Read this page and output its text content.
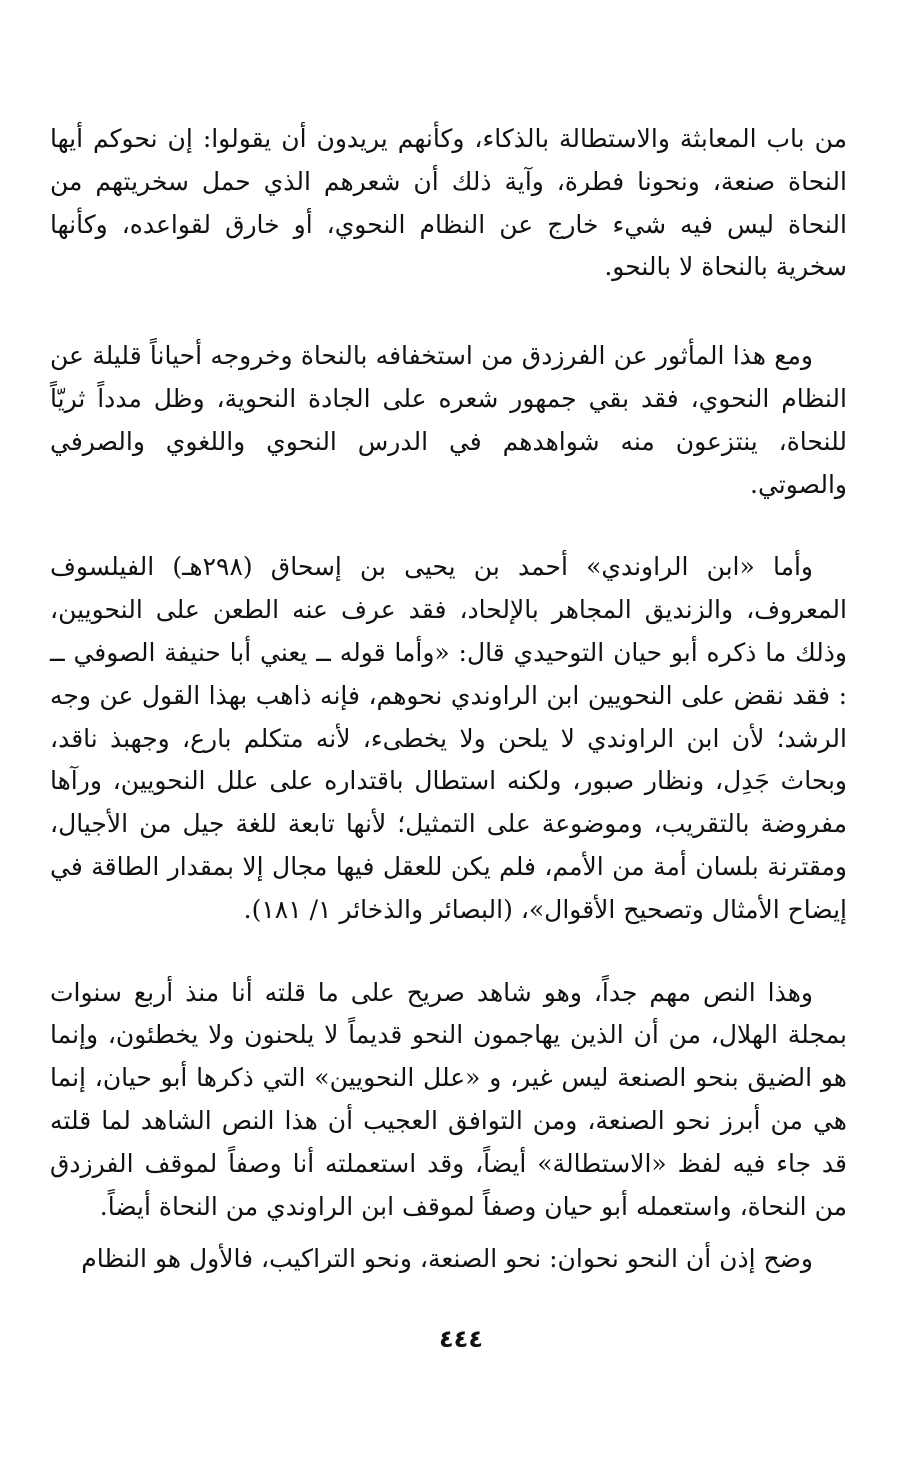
من باب المعابثة والاستطالة بالذكاء، وكأنهم يريدون أن يقولوا: إن نحوكم أيها النحاة صنعة، ونحونا فطرة، وآية ذلك أن شعرهم الذي حمل سخريتهم من النحاة ليس فيه شيء خارج عن النظام النحوي، أو خارق لقواعده، وكأنها سخرية بالنحاة لا بالنحو.

ومع هذا المأثور عن الفرزدق من استخفافه بالنحاة وخروجه أحياناً قليلة عن النظام النحوي، فقد بقي جمهور شعره على الجادة النحوية، وظل مدداً ثريّاً للنحاة، ينتزعون منه شواهدهم في الدرس النحوي واللغوي والصرفي والصوتي.

وأما «ابن الراوندي» أحمد بن يحيى بن إسحاق (٢٩٨هـ) الفيلسوف المعروف، والزنديق المجاهر بالإلحاد، فقد عرف عنه الطعن على النحويين، وذلك ما ذكره أبو حيان التوحيدي قال: «وأما قوله ــ يعني أبا حنيفة الصوفي ــ : فقد نقض على النحويين ابن الراوندي نحوهم، فإنه ذاهب بهذا القول عن وجه الرشد؛ لأن ابن الراوندي لا يلحن ولا يخطىء، لأنه متكلم بارع، وجهبذ ناقد، وبحاث جَدِل، ونظار صبور، ولكنه استطال باقتداره على علل النحويين، ورآها مفروضة بالتقريب، وموضوعة على التمثيل؛ لأنها تابعة للغة جيل من الأجيال، ومقترنة بلسان أمة من الأمم، فلم يكن للعقل فيها مجال إلا بمقدار الطاقة في إيضاح الأمثال وتصحيح الأقوال»، (البصائر والذخائر ١/ ١٨١).

وهذا النص مهم جداً، وهو شاهد صريح على ما قلته أنا منذ أربع سنوات بمجلة الهلال، من أن الذين يهاجمون النحو قديماً لا يلحنون ولا يخطئون، وإنما هو الضيق بنحو الصنعة ليس غير، و «علل النحويين» التي ذكرها أبو حيان، إنما هي من أبرز نحو الصنعة، ومن التوافق العجيب أن هذا النص الشاهد لما قلته قد جاء فيه لفظ «الاستطالة» أيضاً، وقد استعملته أنا وصفاً لموقف الفرزدق من النحاة، واستعمله أبو حيان وصفاً لموقف ابن الراوندي من النحاة أيضاً.

وضح إذن أن النحو نحوان: نحو الصنعة، ونحو التراكيب، فالأول هو النظام

٤٤٤
